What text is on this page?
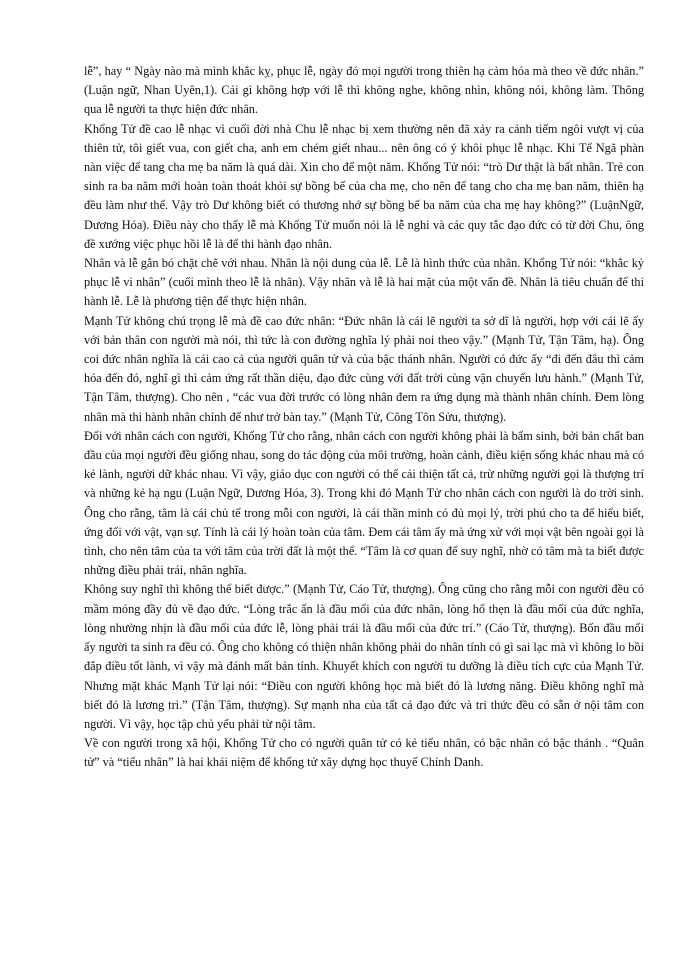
lễ”, hay “ Ngày nào mà mình khắc kỵ, phục lễ, ngày đó mọi người trong thiên hạ cảm hóa mà theo về đức nhân.” (Luận ngữ, Nhan Uyên,1). Cái gì không hợp với lễ thì không nghe, không nhìn, không nói, không làm. Thông qua lễ người ta thực hiện đức nhân.

Khổng Tử đề cao lễ nhạc vì cuối đời nhà Chu lễ nhạc bị xem thường nên đã xảy ra cảnh tiếm ngôi vượt vị của thiên tử, tôi giết vua, con giết cha, anh em chém giết nhau... nên ông có ý khôi phục lễ nhạc. Khi Tể Ngã phàn nàn việc để tang cha mẹ ba năm là quá dài. Xin cho để một năm. Khổng Tử nói: “trò Dư thật là bất nhân. Trẻ con sinh ra ba năm mới hoàn toàn thoát khỏi sự bồng bế của cha mẹ, cho nên để tang cho cha mẹ ban năm, thiên hạ đều làm như thế. Vậy trò Dư không biết có thương nhớ sự bồng bế ba năm của cha mẹ hay không?” (LuậnNgữ, Dương Hóa). Điều này cho thấy lễ mà Khổng Tử muốn nói là lễ nghi và các quy tắc đạo đức có từ đời Chu, ông đề xướng việc phục hồi lễ là để thi hành đạo nhân.

Nhân và lễ gắn bó chặt chẽ với nhau. Nhân là nội dung của lễ. Lễ là hình thức của nhân. Khổng Tử nói: “khắc kỷ phục lễ vi nhân” (cuối mình theo lễ là nhân). Vậy nhân và lễ là hai mặt của một vấn đề. Nhân là tiêu chuẩn để thi hành lễ. Lễ là phương tiện để thực hiện nhân.

Mạnh Tử không chú trọng lễ mà đề cao đức nhân: “Đức nhân là cái lẽ người ta sở dĩ là người, hợp với cái lẽ ấy với bản thân con người mà nói, thì tức là con đường nghĩa lý phải noi theo vậy.” (Mạnh Tử, Tận Tâm, hạ). Ông coi đức nhân nghĩa là cái cao cả của người quân tử và của bậc thánh nhân. Người có đức ấy “đi đến đâu thì cảm hóa đến đó, nghĩ gì thì cảm ứng rất thần diệu, đạo đức cùng với đất trời cùng vận chuyển lưu hành.” (Mạnh Tử, Tận Tâm, thượng). Cho nên , “các vua đời trước có lòng nhân đem ra ứng dụng mà thành nhân chính. Đem lòng nhân mà thi hành nhân chính để như trở bàn tay.” (Mạnh Tử, Công Tôn Sửu, thượng).

Đối với nhân cách con người, Khổng Tử cho rằng, nhân cách con người không phải là bẩm sinh, bởi bản chất ban đầu của mọi người đều giống nhau, song do tác động của môi trường, hoàn cảnh, điều kiện sống khác nhau mà có kẻ lành, người dữ khác nhau. Vì vậy, giáo dục con người có thể cải thiện tất cả, trừ những người gọi là thượng trí và những kẻ hạ ngu (Luận Ngữ, Dương Hóa, 3). Trong khi đó Mạnh Tử cho nhân cách con người là do trời sinh. Ông cho rằng, tâm là cái chủ tể trong mỗi con người, là cái thần minh có đủ mọi lý, trời phú cho ta để hiểu biết, ứng đối với vật, vạn sự. Tính là cái lý hoàn toàn của tâm. Đem cái tâm ấy mà ứng xử với mọi vật bên ngoài gọi là tình, cho nên tâm của ta với tâm của trời đất là một thể. “Tâm là cơ quan để suy nghĩ, nhờ có tâm mà ta biết được những điều phải trái, nhân nghĩa.

Không suy nghĩ thì không thể biết được.” (Mạnh Tử, Cáo Tử, thượng). Ông cũng cho rằng mỗi con người đều có mầm móng đầy đủ về đạo đức. “Lòng trắc ẩn là đầu mối của đức nhân, lòng hổ thẹn là đầu mối của đức nghĩa, lòng nhường nhịn là đầu mối của đức lễ, lòng phải trái là đầu mối của đức trí.” (Cáo Tử, thượng). Bốn đầu mối ấy người ta sinh ra đều có. Ông cho không có thiện nhân không phải do nhân tính có gì sai lạc mà vì không lo bồi đắp điều tốt lành, vì vậy mà đánh mất bản tính. Khuyết khích con người tu dưỡng là điều tích cực của Mạnh Tử. Nhưng mặt khác Mạnh Tử lại nói: “Điều con người không học mà biết đó là lương năng. Điều không nghĩ mà biết đó là lương tri.” (Tận Tâm, thượng). Sự mạnh nha của tất cả đạo đức và tri thức đều có sẵn ở nội tâm con người. Vì vậy, học tập chủ yếu phải từ nội tâm.

Về con người trong xã hội, Khổng Tử cho có người quân tử có kẻ tiểu nhân, có bậc nhân có bậc thánh . “Quân tử” và “tiểu nhân” là hai khái niệm để khổng tử xây dựng học thuyế Chính Danh.
